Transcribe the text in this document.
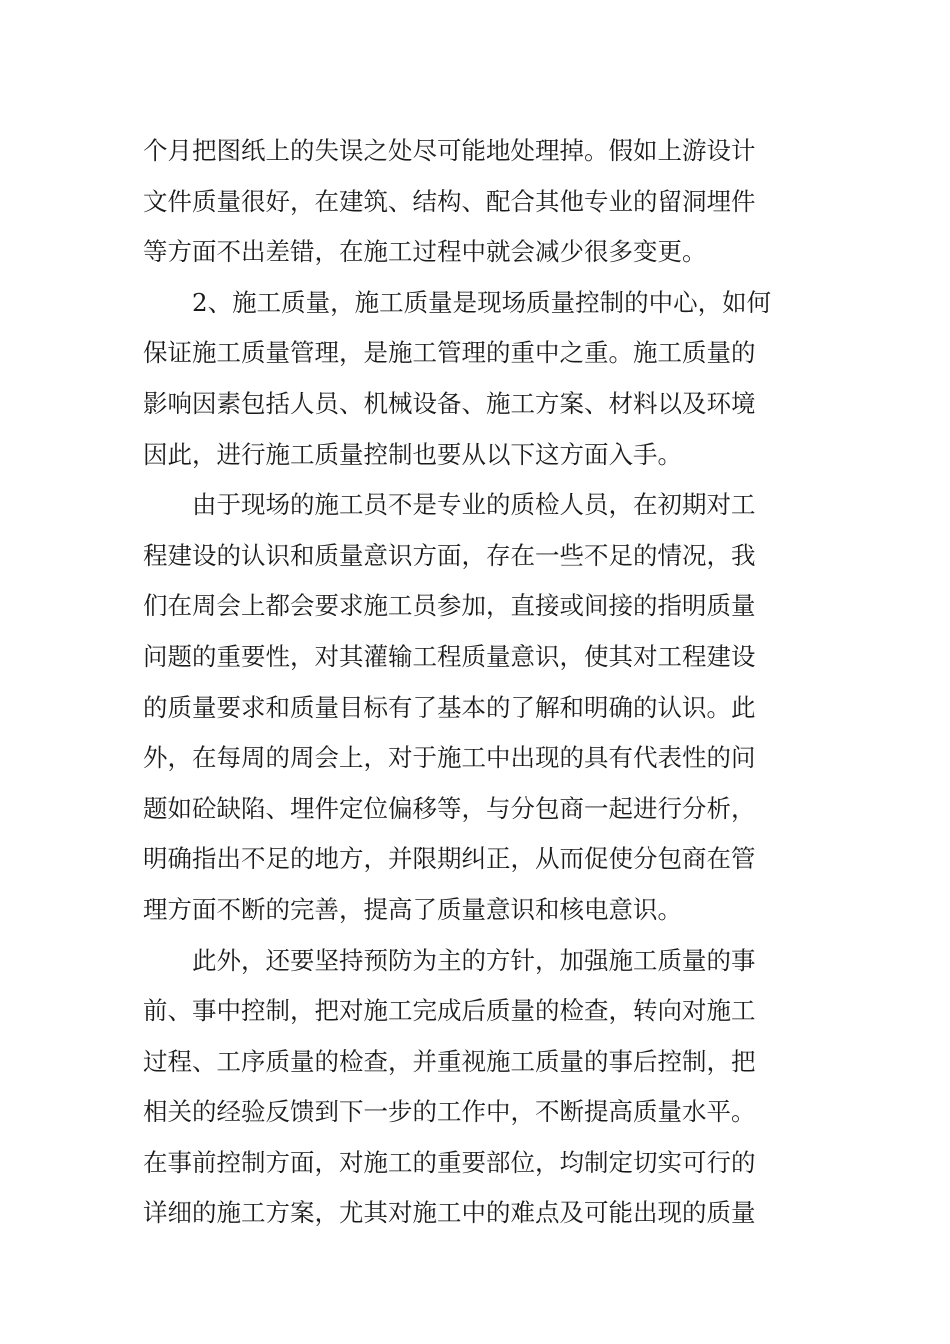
个月把图纸上的失误之处尽可能地处理掉。假如上游设计
文件质量很好，在建筑、结构、配合其他专业的留洞埋件
等方面不出差错，在施工过程中就会减少很多变更。
2、施工质量，施工质量是现场质量控制的中心，如何
保证施工质量管理，是施工管理的重中之重。施工质量的
影响因素包括人员、机械设备、施工方案、材料以及环境
因此，进行施工质量控制也要从以下这方面入手。
由于现场的施工员不是专业的质检人员，在初期对工
程建设的认识和质量意识方面，存在一些不足的情况，我
们在周会上都会要求施工员参加，直接或间接的指明质量
问题的重要性，对其灌输工程质量意识，使其对工程建设
的质量要求和质量目标有了基本的了解和明确的认识。此
外，在每周的周会上，对于施工中出现的具有代表性的问
题如砼缺陷、埋件定位偏移等，与分包商一起进行分析，
明确指出不足的地方，并限期纠正，从而促使分包商在管
理方面不断的完善，提高了质量意识和核电意识。
此外，还要坚持预防为主的方针，加强施工质量的事
前、事中控制，把对施工完成后质量的检查，转向对施工
过程、工序质量的检查，并重视施工质量的事后控制，把
相关的经验反馈到下一步的工作中，不断提高质量水平。
在事前控制方面，对施工的重要部位，均制定切实可行的
详细的施工方案，尤其对施工中的难点及可能出现的质量
